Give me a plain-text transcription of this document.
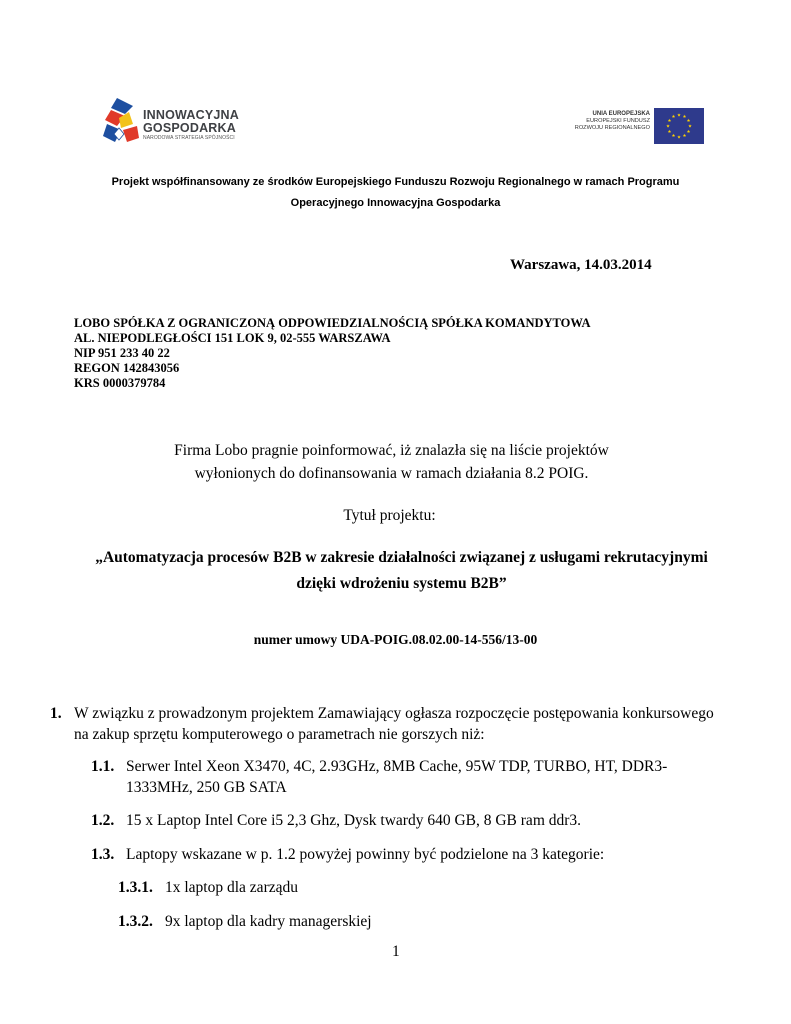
INNOWACYJNA
GOSPODARKA
NARODOWA STRATEGIA SPÓJNOŚCI
UNIA EUROPEJSKA
EUROPEJSKI FUNDUSZ
ROZWOJU REGIONALNEGO
Projekt współfinansowany ze środków Europejskiego Funduszu Rozwoju Regionalnego w ramach Programu
Operacyjnego Innowacyjna Gospodarka
Warszawa, 14.03.2014
LOBO SPÓŁKA Z OGRANICZONĄ ODPOWIEDZIALNOŚCIĄ SPÓŁKA KOMANDYTOWA
AL. NIEPODLEGŁOŚCI 151 LOK 9, 02-555 WARSZAWA
NIP 951 233 40 22
REGON 142843056
KRS 0000379784
Firma Lobo pragnie poinformować, iż znalazła się na liście projektów
wyłonionych do dofinansowania w ramach działania 8.2 POIG.
Tytuł projektu:
„Automatyzacja procesów B2B w zakresie działalności związanej z usługami rekrutacyjnymi
dzięki wdrożeniu systemu B2B”
numer umowy UDA-POIG.08.02.00-14-556/13-00
1. W związku z prowadzonym projektem Zamawiający ogłasza rozpoczęcie postępowania konkursowego
na zakup sprzętu komputerowego o parametrach nie gorszych niż:
1.1. Serwer Intel Xeon X3470, 4C, 2.93GHz, 8MB Cache, 95W TDP, TURBO, HT, DDR3-
1333MHz, 250 GB SATA
1.2. 15 x Laptop Intel Core i5 2,3 Ghz, Dysk twardy 640 GB, 8 GB ram ddr3.
1.3. Laptopy wskazane w p. 1.2 powyżej powinny być podzielone na 3 kategorie:
1.3.1. 1x laptop dla zarządu
1.3.2. 9x laptop dla kadry managerskiej
1
